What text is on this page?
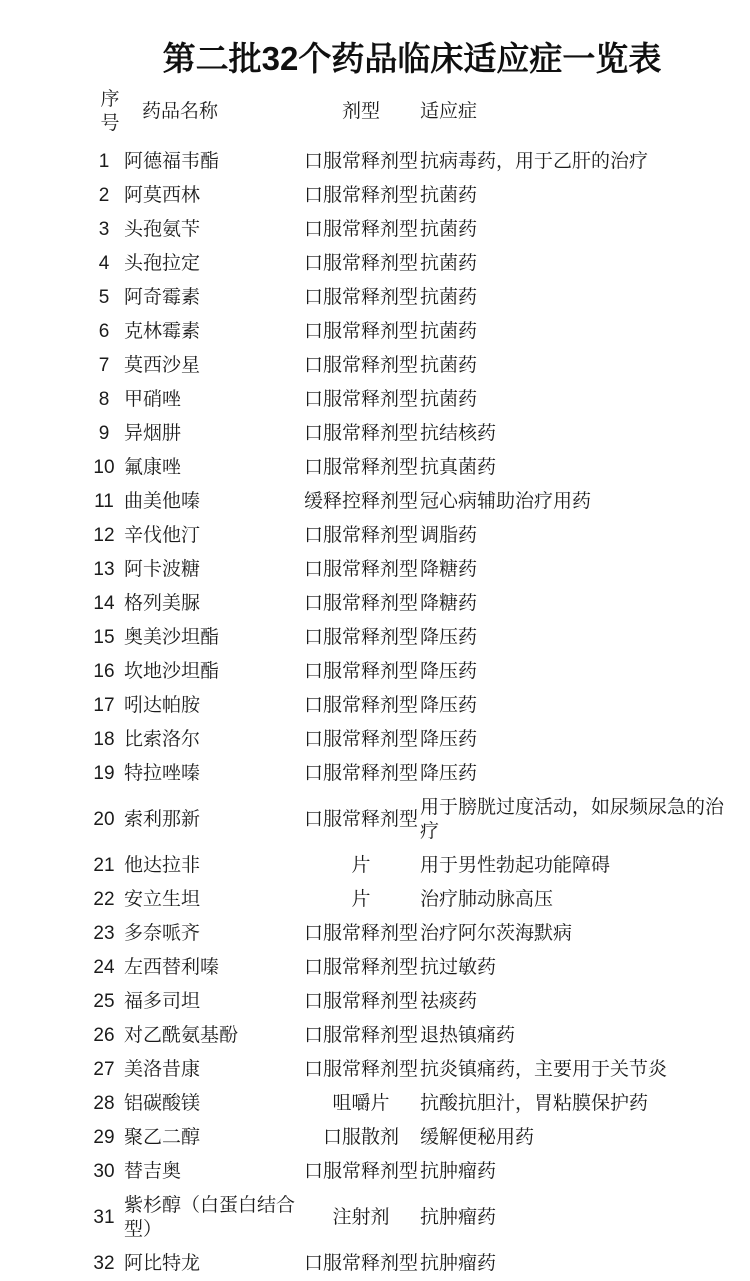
第二批32个药品临床适应症一览表
序号	药品名称	剂型	适应症
1	阿德福韦酯	口服常释剂型	抗病毒药，用于乙肝的治疗
2	阿莫西林	口服常释剂型	抗菌药
3	头孢氨苄	口服常释剂型	抗菌药
4	头孢拉定	口服常释剂型	抗菌药
5	阿奇霉素	口服常释剂型	抗菌药
6	克林霉素	口服常释剂型	抗菌药
7	莫西沙星	口服常释剂型	抗菌药
8	甲硝唑	口服常释剂型	抗菌药
9	异烟肼	口服常释剂型	抗结核药
10	氟康唑	口服常释剂型	抗真菌药
11	曲美他嗪	缓释控释剂型	冠心病辅助治疗用药
12	辛伐他汀	口服常释剂型	调脂药
13	阿卡波糖	口服常释剂型	降糖药
14	格列美脲	口服常释剂型	降糖药
15	奥美沙坦酯	口服常释剂型	降压药
16	坎地沙坦酯	口服常释剂型	降压药
17	吲达帕胺	口服常释剂型	降压药
18	比索洛尔	口服常释剂型	降压药
19	特拉唑嗪	口服常释剂型	降压药
20	索利那新	口服常释剂型	用于膀胱过度活动，如尿频尿急的治疗
21	他达拉非	片	用于男性勃起功能障碍
22	安立生坦	片	治疗肺动脉高压
23	多奈哌齐	口服常释剂型	治疗阿尔茨海默病
24	左西替利嗪	口服常释剂型	抗过敏药
25	福多司坦	口服常释剂型	祛痰药
26	对乙酰氨基酚	口服常释剂型	退热镇痛药
27	美洛昔康	口服常释剂型	抗炎镇痛药，主要用于关节炎
28	铝碳酸镁	咀嚼片	抗酸抗胆汁，胃粘膜保护药
29	聚乙二醇	口服散剂	缓解便秘用药
30	替吉奥	口服常释剂型	抗肿瘤药
31	紫杉醇（白蛋白结合型）	注射剂	抗肿瘤药
32	阿比特龙	口服常释剂型	抗肿瘤药
